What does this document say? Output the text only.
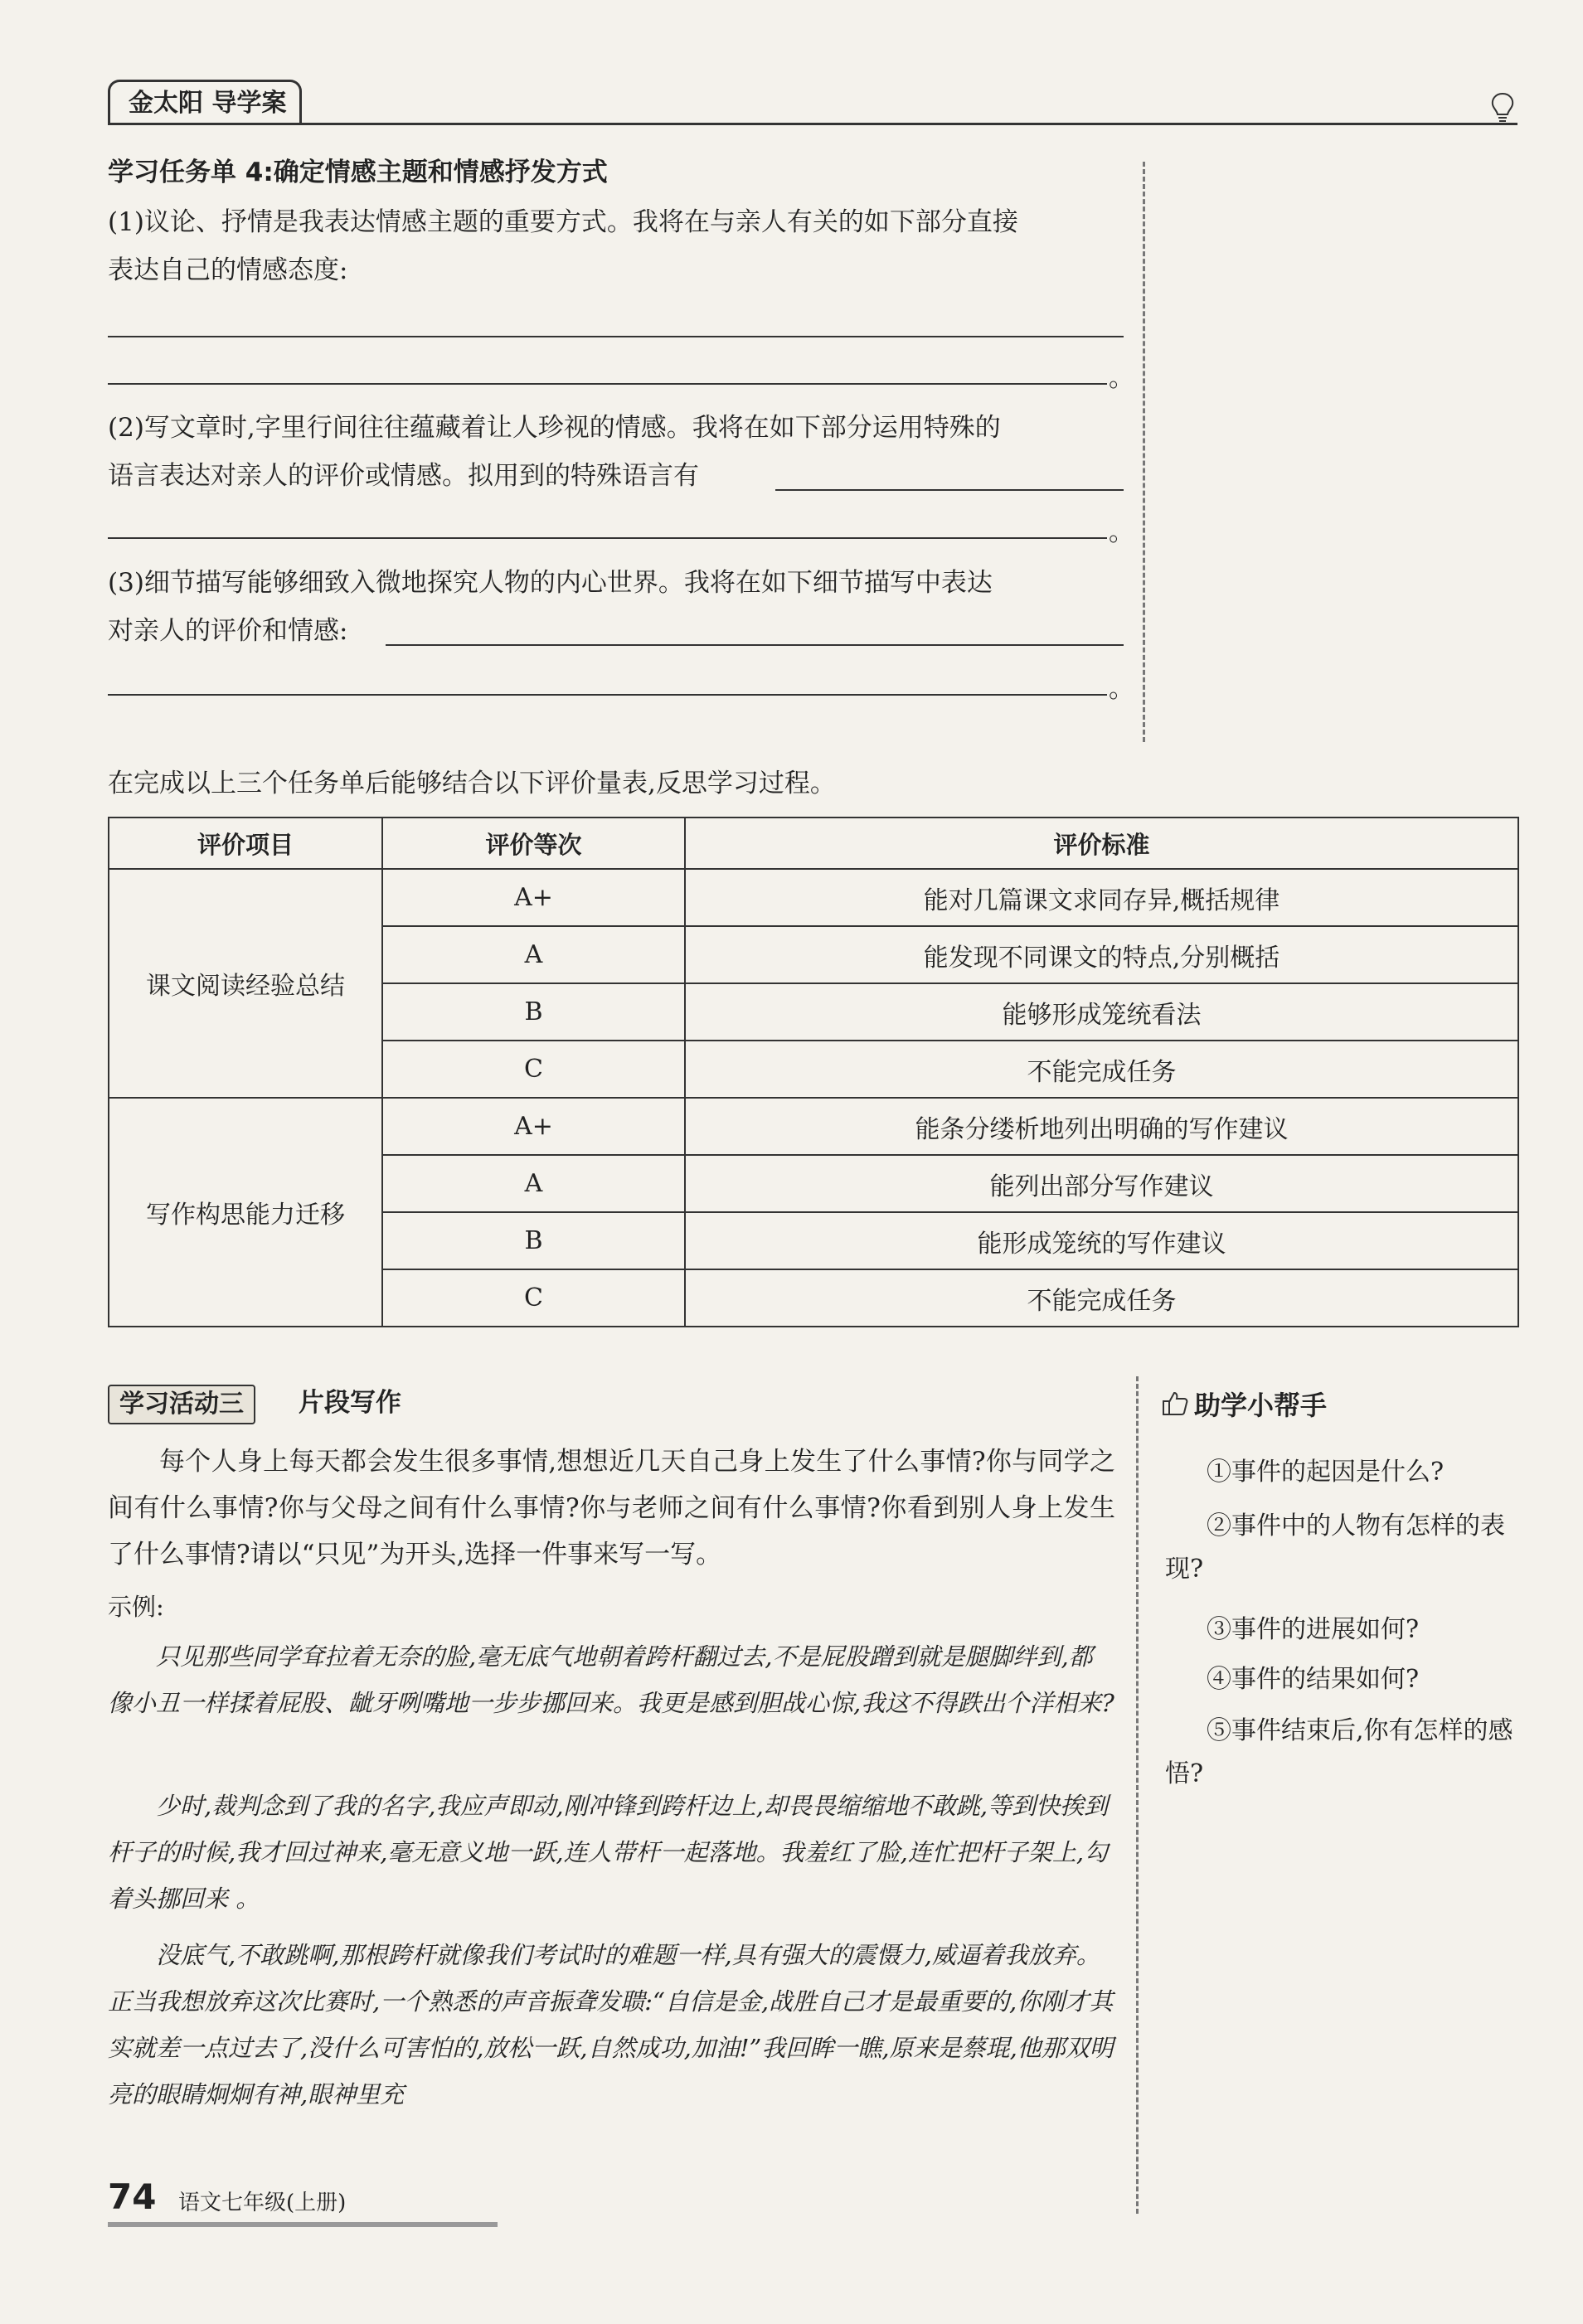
金太阳 导学案
学习任务单 4:确定情感主题和情感抒发方式
(1)议论、抒情是我表达情感主题的重要方式。我将在与亲人有关的如下部分直接
表达自己的情感态度:
。
(2)写文章时,字里行间往往蕴藏着让人珍视的情感。我将在如下部分运用特殊的
语言表达对亲人的评价或情感。拟用到的特殊语言有
。
(3)细节描写能够细致入微地探究人物的内心世界。我将在如下细节描写中表达
对亲人的评价和情感:
。
在完成以上三个任务单后能够结合以下评价量表,反思学习过程。
评价项目	评价等次	评价标准
课文阅读经验总结	A+	能对几篇课文求同存异,概括规律
	A	能发现不同课文的特点,分别概括
	B	能够形成笼统看法
	C	不能完成任务
写作构思能力迁移	A+	能条分缕析地列出明确的写作建议
	A	能列出部分写作建议
	B	能形成笼统的写作建议
	C	不能完成任务
学习活动三	片段写作
每个人身上每天都会发生很多事情,想想近几天自己身上发生了什么事情?你与同学之间有什么事情?你与父母之间有什么事情?你与老师之间有什么事情?你看到别人身上发生了什么事情?请以“只见”为开头,选择一件事来写一写。
示例:
只见那些同学耷拉着无奈的脸,毫无底气地朝着跨杆翻过去,不是屁股蹭到就是腿脚绊到,都像小丑一样揉着屁股、龇牙咧嘴地一步步挪回来。我更是感到胆战心惊,我这不得跌出个洋相来?
少时,裁判念到了我的名字,我应声即动,刚冲锋到跨杆边上,却畏畏缩缩地不敢跳,等到快挨到杆子的时候,我才回过神来,毫无意义地一跃,连人带杆一起落地。我羞红了脸,连忙把杆子架上,勾着头挪回来 。
没底气,不敢跳啊,那根跨杆就像我们考试时的难题一样,具有强大的震慑力,威逼着我放弃。正当我想放弃这次比赛时,一个熟悉的声音振聋发聩:“自信是金,战胜自己才是最重要的,你刚才其实就差一点过去了,没什么可害怕的,放松一跃,自然成功,加油!”我回眸一瞧,原来是蔡琨,他那双明亮的眼睛炯炯有神,眼神里充
助学小帮手
①事件的起因是什么?
②事件中的人物有怎样的表现?
③事件的进展如何?
④事件的结果如何?
⑤事件结束后,你有怎样的感悟?
74 语文七年级(上册)
